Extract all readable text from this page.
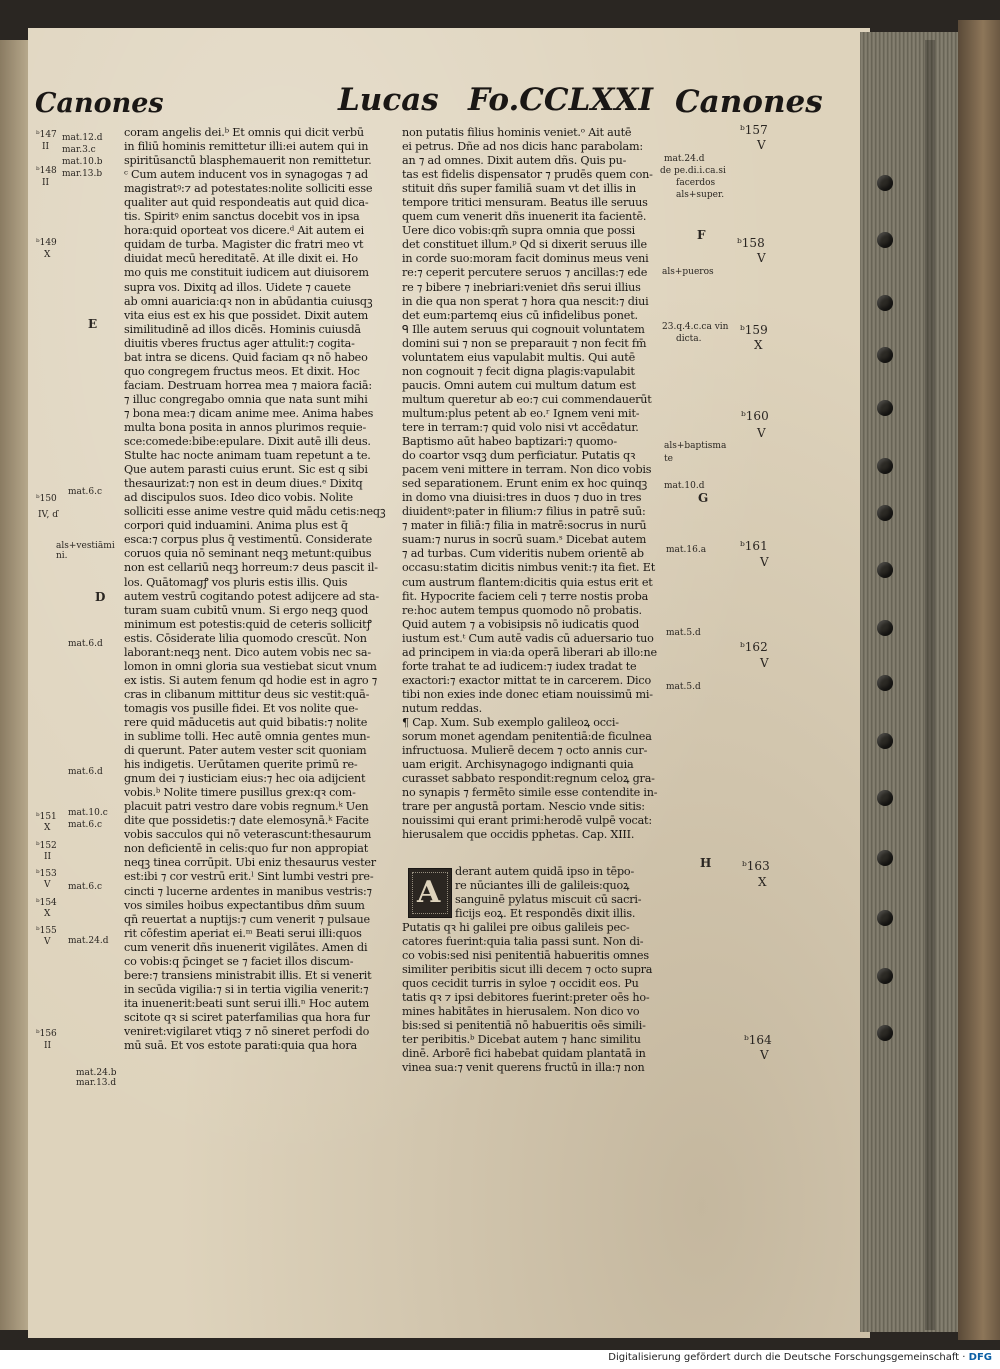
Canones	Lucas Fo.CCLXXI Canones
coram angelis dei.ᵇ Et omnis qui dicit verbū
in filiū hominis remittetur illi:ei autem qui in
spiritūsanctū blasphemauerit non remittetur.
ᶜ Cum autem inducent vos in synagogas ⁊ ad
magistratꝰ:⁊ ad potestates:nolite solliciti esse
qualiter aut quid respondeatis aut quid dica-
tis. Spiritꝰ enim sanctus docebit vos in ipsa
hora:quid oporteat vos dicere.ᵈ Ait autem ei
quidam de turba. Magister dic fratri meo vt
diuidat mecū hereditatē. At ille dixit ei. Ho
mo quis me constituit iudicem aut diuisorem
supra vos. Dixitq ad illos. Uidete ⁊ cauete
ab omni auaricia:qꝛ non in abūdantia cuiusqꝫ
vita eius est ex his que possidet. Dixit autem
similitudinē ad illos dicēs. Hominis cuiusdā
diuitis vberes fructus ager attulit:⁊ cogita-
bat intra se dicens. Quid faciam qꝛ nō habeo
quo congregem fructus meos. Et dixit. Hoc
faciam. Destruam horrea mea ⁊ maiora faciā:
⁊ illuc congregabo omnia que nata sunt mihi
⁊ bona mea:⁊ dicam anime mee. Anima habes
multa bona posita in annos plurimos requie-
sce:comede:bibe:epulare. Dixit autē illi deus.
Stulte hac nocte animam tuam repetunt a te.
Que autem parasti cuius erunt. Sic est q sibi
thesaurizat:⁊ non est in deum diues.ᵉ Dixitq
ad discipulos suos. Ideo dico vobis. Nolite
solliciti esse anime vestre quid mādu cetis:neqꝫ
corpori quid induamini. Anima plus est q̄
esca:⁊ corpus plus q̄ vestimentū. Considerate
coruos quia nō seminant neqꝫ metunt:quibus
non est cellariū neqꝫ horreum:⁊ deus pascit il-
los. Quātomagꝭ vos pluris estis illis. Quis
autem vestrū cogitando potest adijcere ad sta-
turam suam cubitū vnum. Si ergo neqꝫ quod
minimum est potestis:quid de ceteris sollicitꝭ
estis. Cōsiderate lilia quomodo crescūt. Non
laborant:neqꝫ nent. Dico autem vobis nec sa-
lomon in omni gloria sua vestiebat sicut vnum
ex istis. Si autem fenum qd hodie est in agro ⁊
cras in clibanum mittitur deus sic vestit:quā-
tomagis vos pusille fidei. Et vos nolite que-
rere quid māducetis aut quid bibatis:⁊ nolite
in sublime tolli. Hec autē omnia gentes mun-
di querunt. Pater autem vester scit quoniam
his indigetis. Uerūtamen querite primū re-
gnum dei ⁊ iusticiam eius:⁊ hec oia adijcient
vobis.ᵇ Nolite timere pusillus grex:qꝛ com-
placuit patri vestro dare vobis regnum.ᵏ Uen
dite que possidetis:⁊ date elemosynā.ᵏ Facite
vobis sacculos qui nō veterascunt:thesaurum
non deficientē in celis:quo fur non appropiat
neqꝫ tinea corrūpit. Ubi eniz thesaurus vester
est:ibi ⁊ cor vestrū erit.ˡ Sint lumbi vestri pre-
cincti ⁊ lucerne ardentes in manibus vestris:⁊
vos similes hoibus expectantibus dñm suum
qn̄ reuertat a nuptijs:⁊ cum venerit ⁊ pulsaue
rit cōfestim aperiat ei.ᵐ Beati serui illi:quos
cum venerit dñs inuenerit vigilātes. Amen di
co vobis:q p̄cinget se ⁊ faciet illos discum-
bere:⁊ transiens ministrabit illis. Et si venerit
in secūda vigilia:⁊ si in tertia vigilia venerit:⁊
ita inuenerit:beati sunt serui illi.ⁿ Hoc autem
scitote qꝛ si sciret paterfamilias qua hora fur
veniret:vigilaret vtiqꝫ ⁊ nō sineret perfodi do
mū suā. Et vos estote parati:quia qua hora
non putatis filius hominis veniet.ᵒ Ait autē
ei petrus. Dñe ad nos dicis hanc parabolam:
an ⁊ ad omnes. Dixit autem dñs. Quis pu-
tas est fidelis dispensator ⁊ prudēs quem con-
stituit dñs super familiā suam vt det illis in
tempore tritici mensuram. Beatus ille seruus
quem cum venerit dñs inuenerit ita facientē.
Uere dico vobis:qm̄ supra omnia que possi
det constituet illum.ᵖ Qd si dixerit seruus ille
in corde suo:moram facit dominus meus veni
re:⁊ ceperit percutere seruos ⁊ ancillas:⁊ ede
re ⁊ bibere ⁊ inebriari:veniet dñs serui illius
in die qua non sperat ⁊ hora qua nescit:⁊ diui
det eum:partemq eius cū infidelibus ponet.
ᑫ Ille autem seruus qui cognouit voluntatem
domini sui ⁊ non se preparauit ⁊ non fecit fm̄
voluntatem eius vapulabit multis. Qui autē
non cognouit ⁊ fecit digna plagis:vapulabit
paucis. Omni autem cui multum datum est
multum queretur ab eo:⁊ cui commendauerūt
multum:plus petent ab eo.ʳ Ignem veni mit-
tere in terram:⁊ quid volo nisi vt accēdatur.
Baptismo aūt habeo baptizari:⁊ quomo-
do coartor vsqꝫ dum perficiatur. Putatis qꝛ
pacem veni mittere in terram. Non dico vobis
sed separationem. Erunt enim ex hoc quinqꝫ
in domo vna diuisi:tres in duos ⁊ duo in tres
diuidentꝰ:pater in filium:⁊ filius in patrē suū:
⁊ mater in filiā:⁊ filia in matrē:socrus in nurū
suam:⁊ nurus in socrū suam.ˢ Dicebat autem
⁊ ad turbas. Cum videritis nubem orientē ab
occasu:statim dicitis nimbus venit:⁊ ita fiet. Et
cum austrum flantem:dicitis quia estus erit et
fit. Hypocrite faciem celi ⁊ terre nostis proba
re:hoc autem tempus quomodo nō probatis.
Quid autem ⁊ a vobisipsis nō iudicatis quod
iustum est.ᵗ Cum autē vadis cū aduersario tuo
ad principem in via:da operā liberari ab illo:ne
forte trahat te ad iudicem:⁊ iudex tradat te
exactori:⁊ exactor mittat te in carcerem. Dico
tibi non exies inde donec etiam nouissimū mi-
nutum reddas.
¶ Cap. Xum. Sub exemplo galileoꝝ occi-
sorum monet agendam penitentiā:de ficulnea
infructuosa. Mulierē decem ⁊ octo annis cur-
uam erigit. Archisynagogo indignanti quia
curasset sabbato respondit:regnum celoꝝ gra-
no synapis ⁊ fermēto simile esse contendite in-
trare per angustā portam. Nescio vnde sitis:
nouissimi qui erant primi:herodē vulpē vocat:
hierusalem que occidis pphetas. Cap. XIII.
derant autem quidā ipso in tēpo-
re nūciantes illi de galileis:quoꝝ
sanguinē pylatus miscuit cū sacri-
ficijs eoꝝ. Et respondēs dixit illis.
Putatis qꝛ hi galilei pre oibus galileis pec-
catores fuerint:quia talia passi sunt. Non di-
co vobis:sed nisi penitentiā habueritis omnes
similiter peribitis sicut illi decem ⁊ octo supra
quos cecidit turris in syloe ⁊ occidit eos. Pu
tatis qꝛ ⁊ ipsi debitores fuerint:preter oēs ho-
mines habitātes in hierusalem. Non dico vo
bis:sed si penitentiā nō habueritis oēs simili-
ter peribitis.ᵇ Dicebat autem ⁊ hanc similitu
dinē. Arborē fici habebat quidam plantatā in
vinea sua:⁊ venit querens fructū in illa:⁊ non
A
ᵇ147
II
ᵇ148
II
ᵇ149
X
ᵇ150
IV, ɗ
ᵇ151
X
ᵇ152
II
ᵇ153
V
ᵇ154
X
ᵇ155
V
ᵇ156
II
mat.12.d
mar.3.c
mat.10.b
mar.13.b
mat.6.c
als+vestiāmi ni.
mat.6.d
mat.6.d
mat.10.c
mat.6.c
mat.6.c
mat.24.d
mat.24.b mar.13.d
E
D
ᵇ157
V
ᵇ158
V
ᵇ159
X
ᵇ160
V
ᵇ161
V
ᵇ162
V
ᵇ163
X
ᵇ164
V
mat.24.d
de pe.di.i.ca.si
facerdos
als+super.
als+pueros
23.q.4.c.ca vin
dicta.
als+baptisma
te
mat.10.d
mat.16.a
mat.5.d
mat.5.d
F
G
H
Digitalisierung gefördert durch die Deutsche Forschungsgemeinschaft · DFG
